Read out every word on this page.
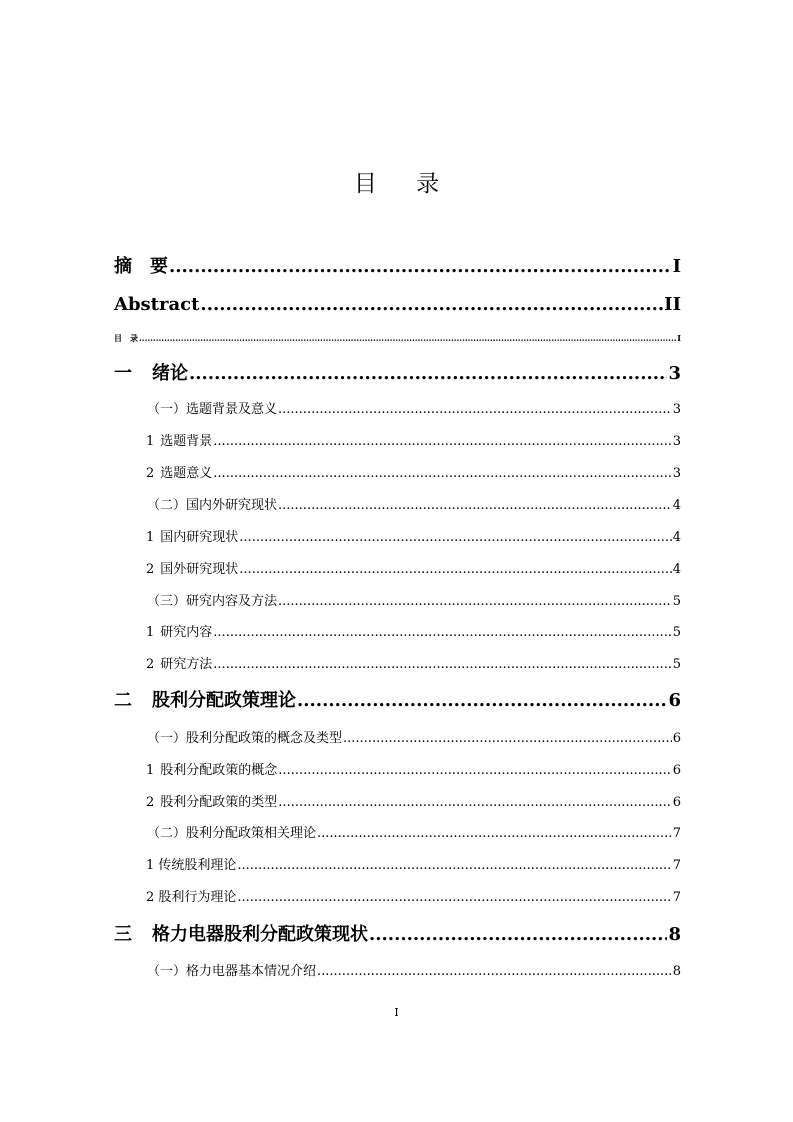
目 录
摘　要 .....	I
Abstract .....	II
目　录 .....	I
一 绪论 .....	3
（一）选题背景及意义 .....	3
1 选题背景 .....	3
2 选题意义 .....	3
（二）国内外研究现状 .....	4
1 国内研究现状 .....	4
2 国外研究现状 .....	4
（三）研究内容及方法 .....	5
1 研究内容 .....	5
2 研究方法 .....	5
二 股利分配政策理论 .....	6
（一）股利分配政策的概念及类型 .....	6
1 股利分配政策的概念 .....	6
2 股利分配政策的类型 .....	6
（二）股利分配政策相关理论 .....	7
1 传统股利理论 .....	7
2 股利行为理论 .....	7
三 格力电器股利分配政策现状 .....	8
（一）格力电器基本情况介绍 .....	8
I
